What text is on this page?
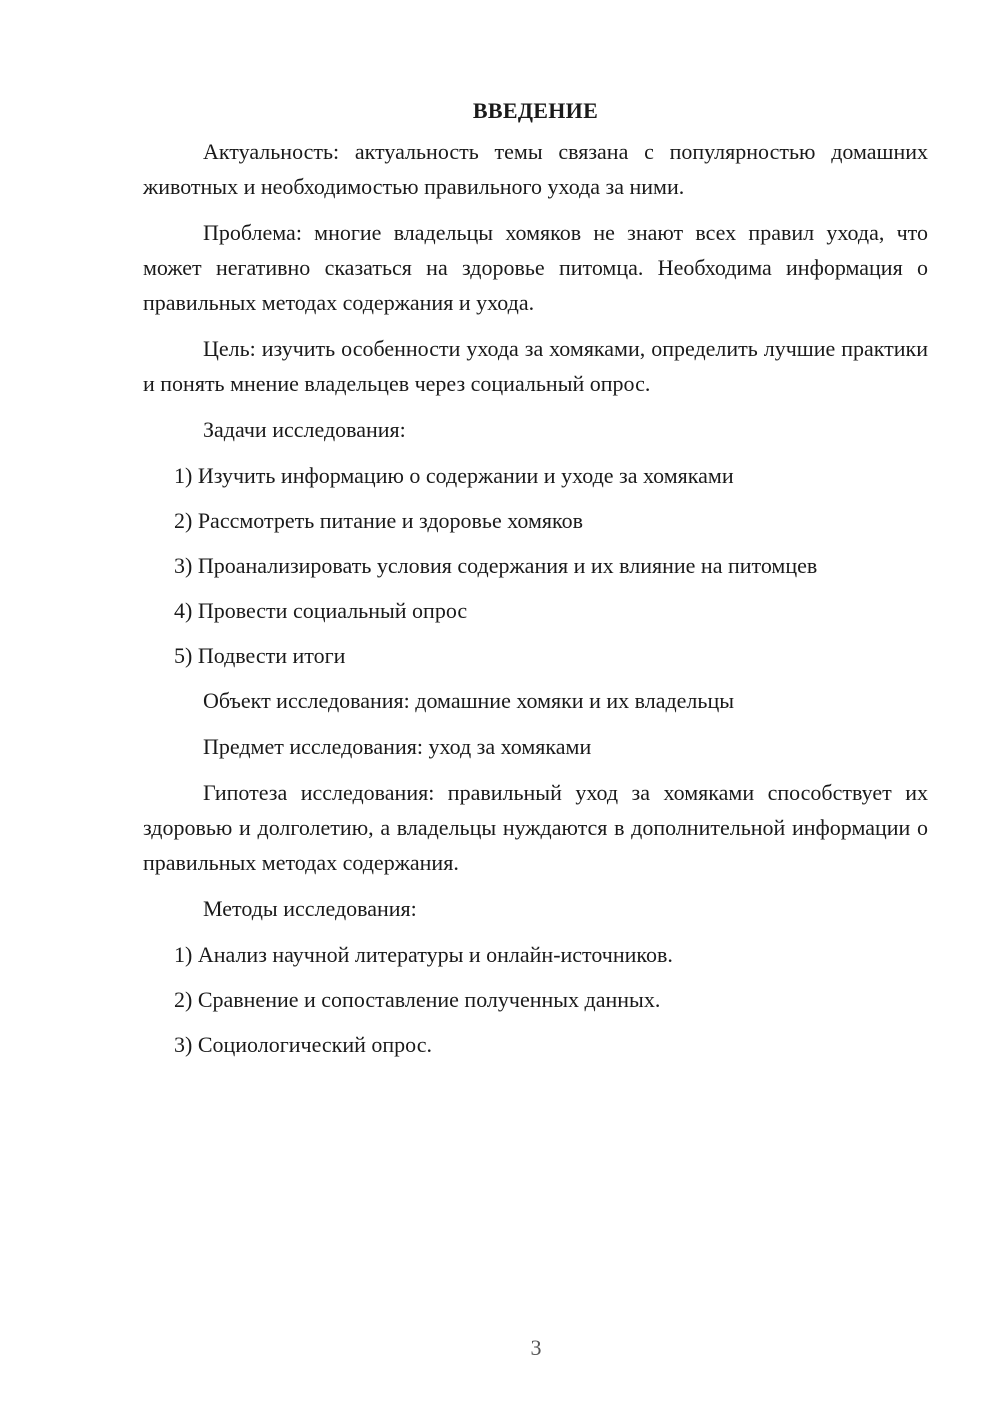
ВВЕДЕНИЕ

Актуальность: актуальность темы связана с популярностью домашних животных и необходимостью правильного ухода за ними.

Проблема: многие владельцы хомяков не знают всех правил ухода, что может негативно сказаться на здоровье питомца. Необходима информация о правильных методах содержания и ухода.

Цель: изучить особенности ухода за хомяками, определить лучшие практики и понять мнение владельцев через социальный опрос.

Задачи исследования:

1) Изучить информацию о содержании и уходе за хомяками
2) Рассмотреть питание и здоровье хомяков
3) Проанализировать условия содержания и их влияние на питомцев
4) Провести социальный опрос
5) Подвести итоги

Объект исследования: домашние хомяки и их владельцы

Предмет исследования: уход за хомяками

Гипотеза исследования: правильный уход за хомяками способствует их здоровью и долголетию, а владельцы нуждаются в дополнительной информации о правильных методах содержания.

Методы исследования:

1) Анализ научной литературы и онлайн-источников.
2) Сравнение и сопоставление полученных данных.
3) Социологический опрос.
3
